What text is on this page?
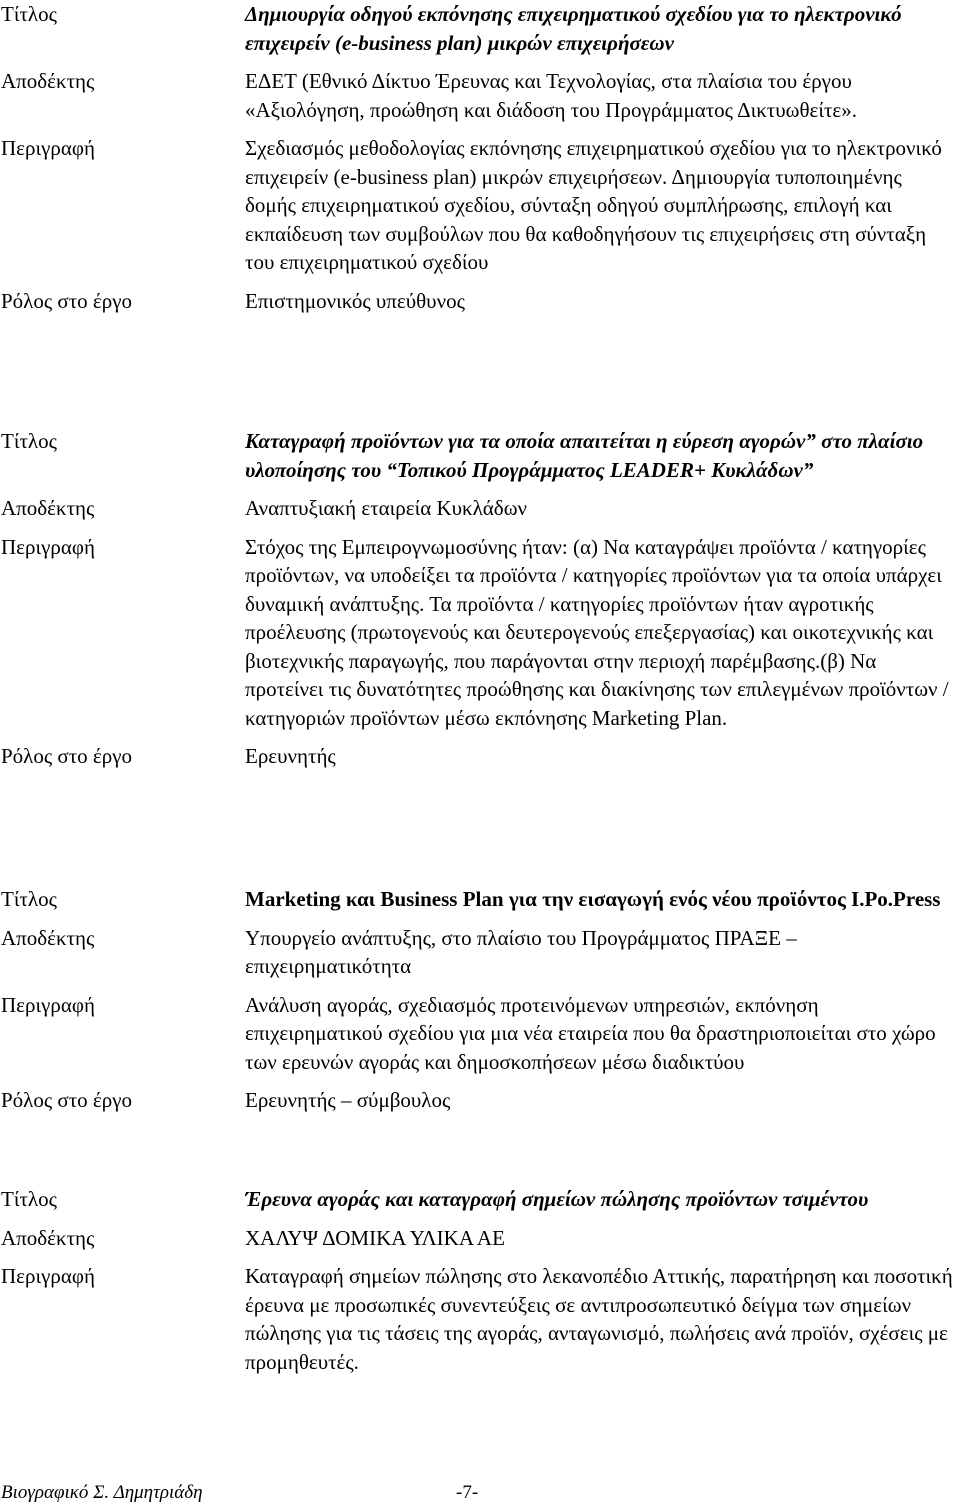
Τίτλος	Δημιουργία οδηγού εκπόνησης επιχειρηματικού σχεδίου για το ηλεκτρονικό επιχειρείν (e-business plan) μικρών επιχειρήσεων
Αποδέκτης	ΕΔΕΤ (Εθνικό Δίκτυο Έρευνας και Τεχνολογίας, στα πλαίσια του έργου «Αξιολόγηση, προώθηση και διάδοση του Προγράμματος Δικτυωθείτε».
Περιγραφή	Σχεδιασμός μεθοδολογίας εκπόνησης επιχειρηματικού σχεδίου για το ηλεκτρονικό επιχειρείν (e-business plan) μικρών επιχειρήσεων. Δημιουργία τυποποιημένης δομής επιχειρηματικού σχεδίου, σύνταξη οδηγού συμπλήρωσης, επιλογή και εκπαίδευση των συμβούλων που θα καθοδηγήσουν τις επιχειρήσεις στη σύνταξη του επιχειρηματικού σχεδίου
Ρόλος στο έργο	Επιστημονικός υπεύθυνος
Τίτλος	Καταγραφή προϊόντων για τα οποία απαιτείται η εύρεση αγορών” στο πλαίσιο υλοποίησης του “Τοπικού Προγράμματος LEADER+ Κυκλάδων”
Αποδέκτης	Αναπτυξιακή εταιρεία Κυκλάδων
Περιγραφή	Στόχος της Εμπειρογνωμοσύνης ήταν: (α) Να καταγράψει προϊόντα / κατηγορίες προϊόντων, να υποδείξει τα προϊόντα / κατηγορίες προϊόντων για τα οποία υπάρχει δυναμική ανάπτυξης. Τα προϊόντα / κατηγορίες προϊόντων ήταν αγροτικής προέλευσης (πρωτογενούς και δευτερογενούς επεξεργασίας) και οικοτεχνικής και βιοτεχνικής παραγωγής, που παράγονται στην περιοχή παρέμβασης.(β) Να προτείνει τις δυνατότητες προώθησης και διακίνησης των επιλεγμένων προϊόντων / κατηγοριών προϊόντων μέσω εκπόνησης Marketing Plan.
Ρόλος στο έργο	Ερευνητής
Τίτλος	Marketing και Business Plan για την εισαγωγή ενός νέου προϊόντος I.Po.Press
Αποδέκτης	Υπουργείο ανάπτυξης, στο πλαίσιο του Προγράμματος ΠΡΑΞΕ – επιχειρηματικότητα
Περιγραφή	Ανάλυση αγοράς, σχεδιασμός προτεινόμενων υπηρεσιών, εκπόνηση επιχειρηματικού σχεδίου για μια νέα εταιρεία που θα δραστηριοποιείται στο χώρο των ερευνών αγοράς και δημοσκοπήσεων μέσω διαδικτύου
Ρόλος στο έργο	Ερευνητής – σύμβουλος
Τίτλος	Έρευνα αγοράς και καταγραφή σημείων πώλησης προϊόντων τσιμέντου
Αποδέκτης	ΧΑΛΥΨ ΔΟΜΙΚΑ ΥΛΙΚΑ ΑΕ
Περιγραφή	Καταγραφή σημείων πώλησης στο λεκανοπέδιο Αττικής, παρατήρηση και ποσοτική έρευνα με προσωπικές συνεντεύξεις σε αντιπροσωπευτικό δείγμα των σημείων πώλησης για τις τάσεις της αγοράς, ανταγωνισμό, πωλήσεις ανά προϊόν, σχέσεις με προμηθευτές.
Βιογραφικό Σ. Δημητριάδη	-7-
